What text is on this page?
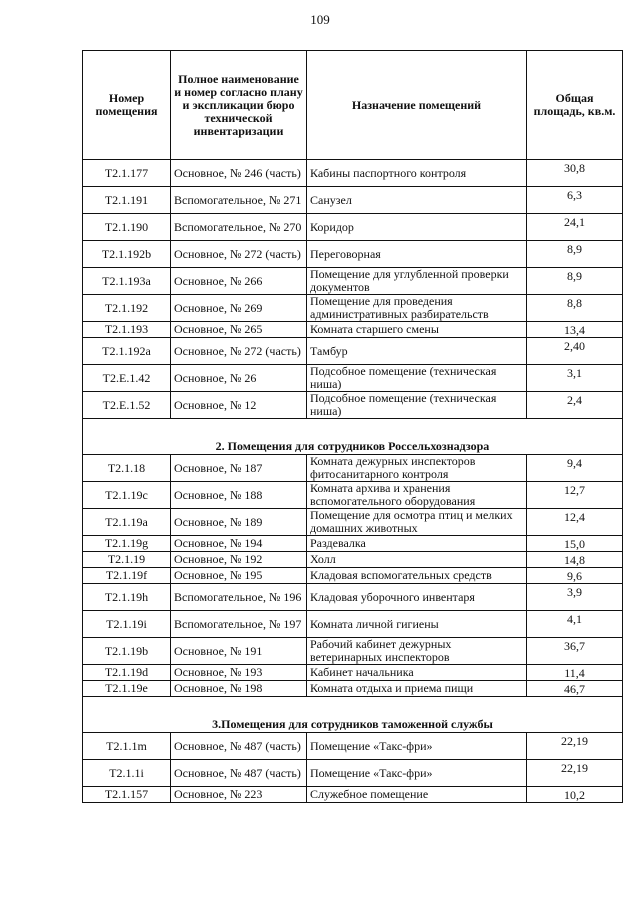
109
Номер помещения	Полное наименование и номер согласно плану и экспликации бюро технической инвентаризации	Назначение помещений	Общая площадь, кв.м.
T2.1.177	Основное, № 246 (часть)	Кабины паспортного контроля	30,8
T2.1.191	Вспомогательное, № 271	Санузел	6,3
T2.1.190	Вспомогательное, № 270	Коридор	24,1
T2.1.192b	Основное, № 272 (часть)	Переговорная	8,9
T2.1.193a	Основное, № 266	Помещение для углубленной проверки документов	8,9
T2.1.192	Основное, № 269	Помещение для проведения административных разбирательств	8,8
T2.1.193	Основное, № 265	Комната старшего смены	13,4
T2.1.192a	Основное, № 272 (часть)	Тамбур	2,40
T2.E.1.42	Основное, № 26	Подсобное помещение (техническая ниша)	3,1
T2.E.1.52	Основное, № 12	Подсобное помещение (техническая ниша)	2,4
2. Помещения для сотрудников Россельхознадзора			
T2.1.18	Основное, № 187	Комната дежурных инспекторов фитосанитарного контроля	9,4
T2.1.19c	Основное, № 188	Комната архива и хранения вспомогательного оборудования	12,7
T2.1.19a	Основное, № 189	Помещение для осмотра птиц и мелких домашних животных	12,4
T2.1.19g	Основное, № 194	Раздевалка	15,0
T2.1.19	Основное, № 192	Холл	14,8
T2.1.19f	Основное, № 195	Кладовая вспомогательных средств	9,6
T2.1.19h	Вспомогательное, № 196	Кладовая уборочного инвентаря	3,9
T2.1.19i	Вспомогательное, № 197	Комната личной гигиены	4,1
T2.1.19b	Основное, № 191	Рабочий кабинет дежурных ветеринарных инспекторов	36,7
T2.1.19d	Основное, № 193	Кабинет начальника	11,4
T2.1.19e	Основное, № 198	Комната отдыха и приема пищи	46,7
3.Помещения для сотрудников таможенной службы			
T2.1.1m	Основное, № 487 (часть)	Помещение «Такс-фри»	22,19
T2.1.1i	Основное, № 487 (часть)	Помещение «Такс-фри»	22,19
T2.1.157	Основное, № 223	Служебное помещение	10,2
